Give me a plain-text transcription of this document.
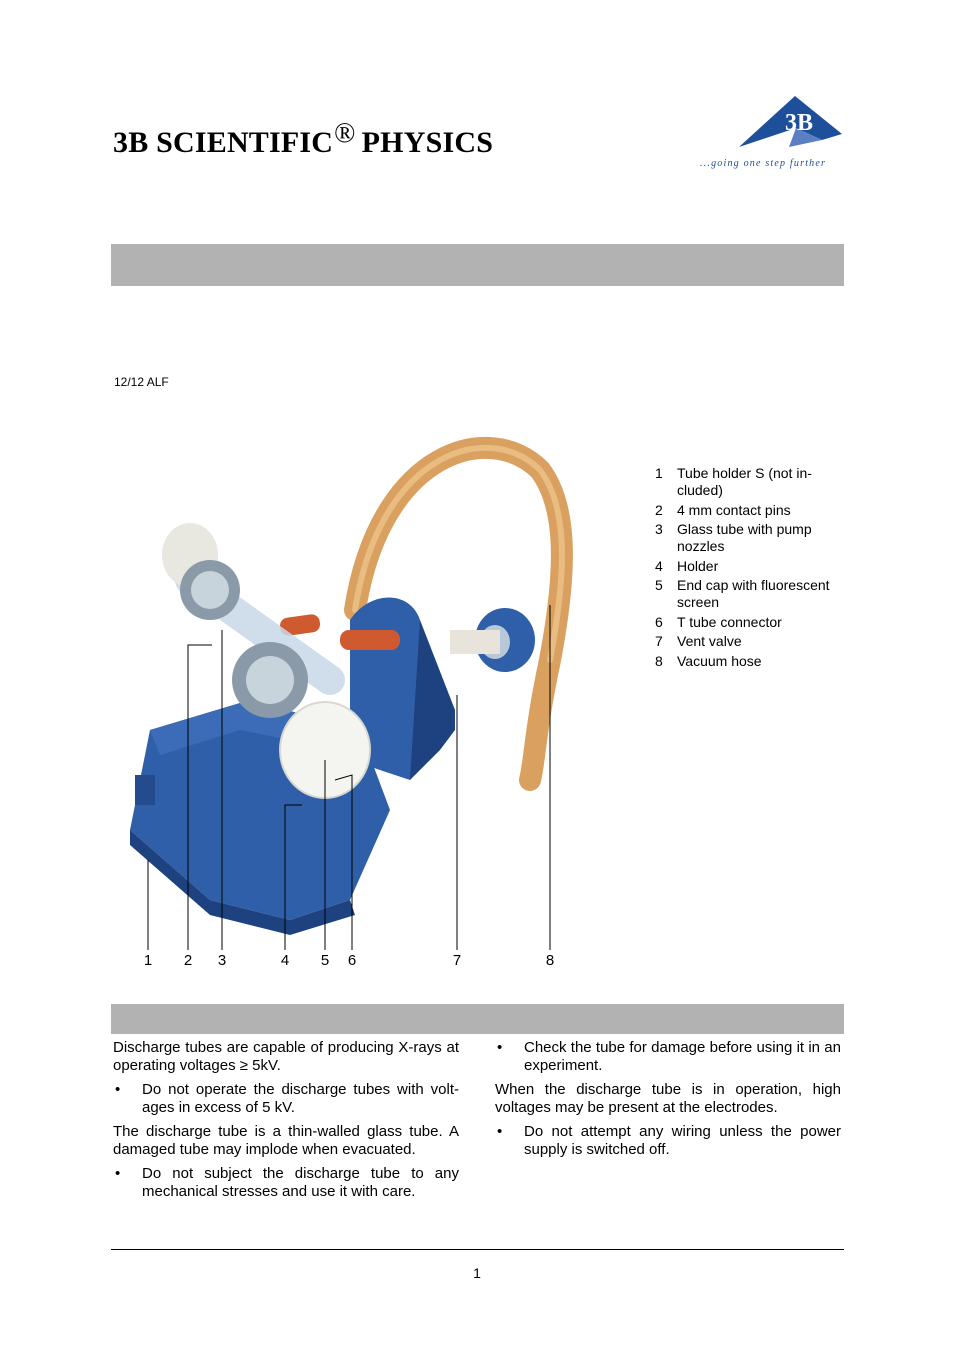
3B SCIENTIFIC® PHYSICS
3B ®
...going one step further
12/12 ALF
1	2	3	4	5	6	7	8
1	Tube holder S (not in-cluded)
2	4 mm contact pins
3	Glass tube with pump nozzles
4	Holder
5	End cap with fluorescent screen
6	T tube connector
7	Vent valve
8	Vacuum hose

Discharge tubes are capable of producing X-rays at operating voltages ≥ 5kV.

•	Do not operate the discharge tubes with volt-ages in excess of 5 kV.

The discharge tube is a thin-walled glass tube. A damaged tube may implode when evacuated.

•	Do not subject the discharge tube to any mechanical stresses and use it with care.
•	Check the tube for damage before using it in an experiment.

When the discharge tube is in operation, high voltages may be present at the electrodes.

•	Do not attempt any wiring unless the power supply is switched off.
1
